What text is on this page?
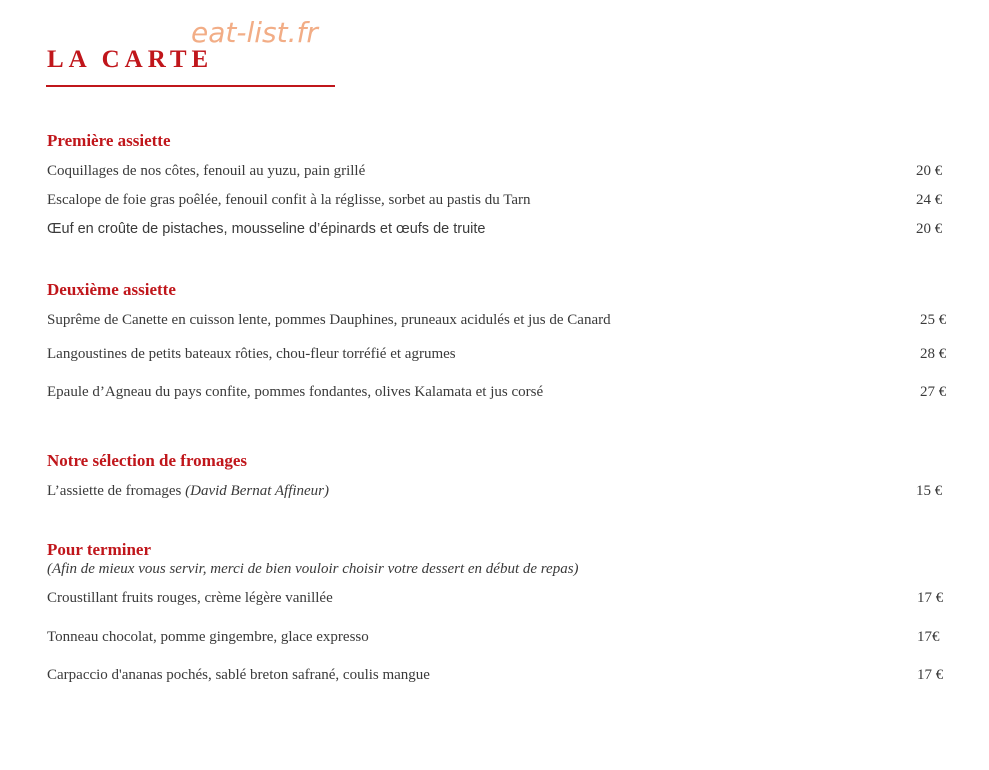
eat-list.fr
LA CARTE
Première assiette
Coquillages de nos côtes, fenouil au yuzu, pain grillé	20 €
Escalope de foie gras poêlée, fenouil confit à la réglisse, sorbet au pastis du Tarn	24 €
Œuf en croûte de pistaches, mousseline d’épinards et œufs de truite	20 €
Deuxième assiette
Suprême de Canette en cuisson lente, pommes Dauphines, pruneaux acidulés et jus de Canard	25 €
Langoustines de petits bateaux rôties, chou-fleur torréfié et agrumes	28 €
Epaule d’Agneau du pays confite, pommes fondantes, olives Kalamata et jus corsé	27 €
Notre sélection de fromages
L’assiette de fromages (David Bernat Affineur)	15 €
Pour terminer
(Afin de mieux vous servir, merci de bien vouloir choisir votre dessert en début de repas)
Croustillant fruits rouges, crème légère vanillée	17 €
Tonneau chocolat, pomme gingembre, glace expresso	17€
Carpaccio d'ananas pochés, sablé breton safrané, coulis mangue	17 €
